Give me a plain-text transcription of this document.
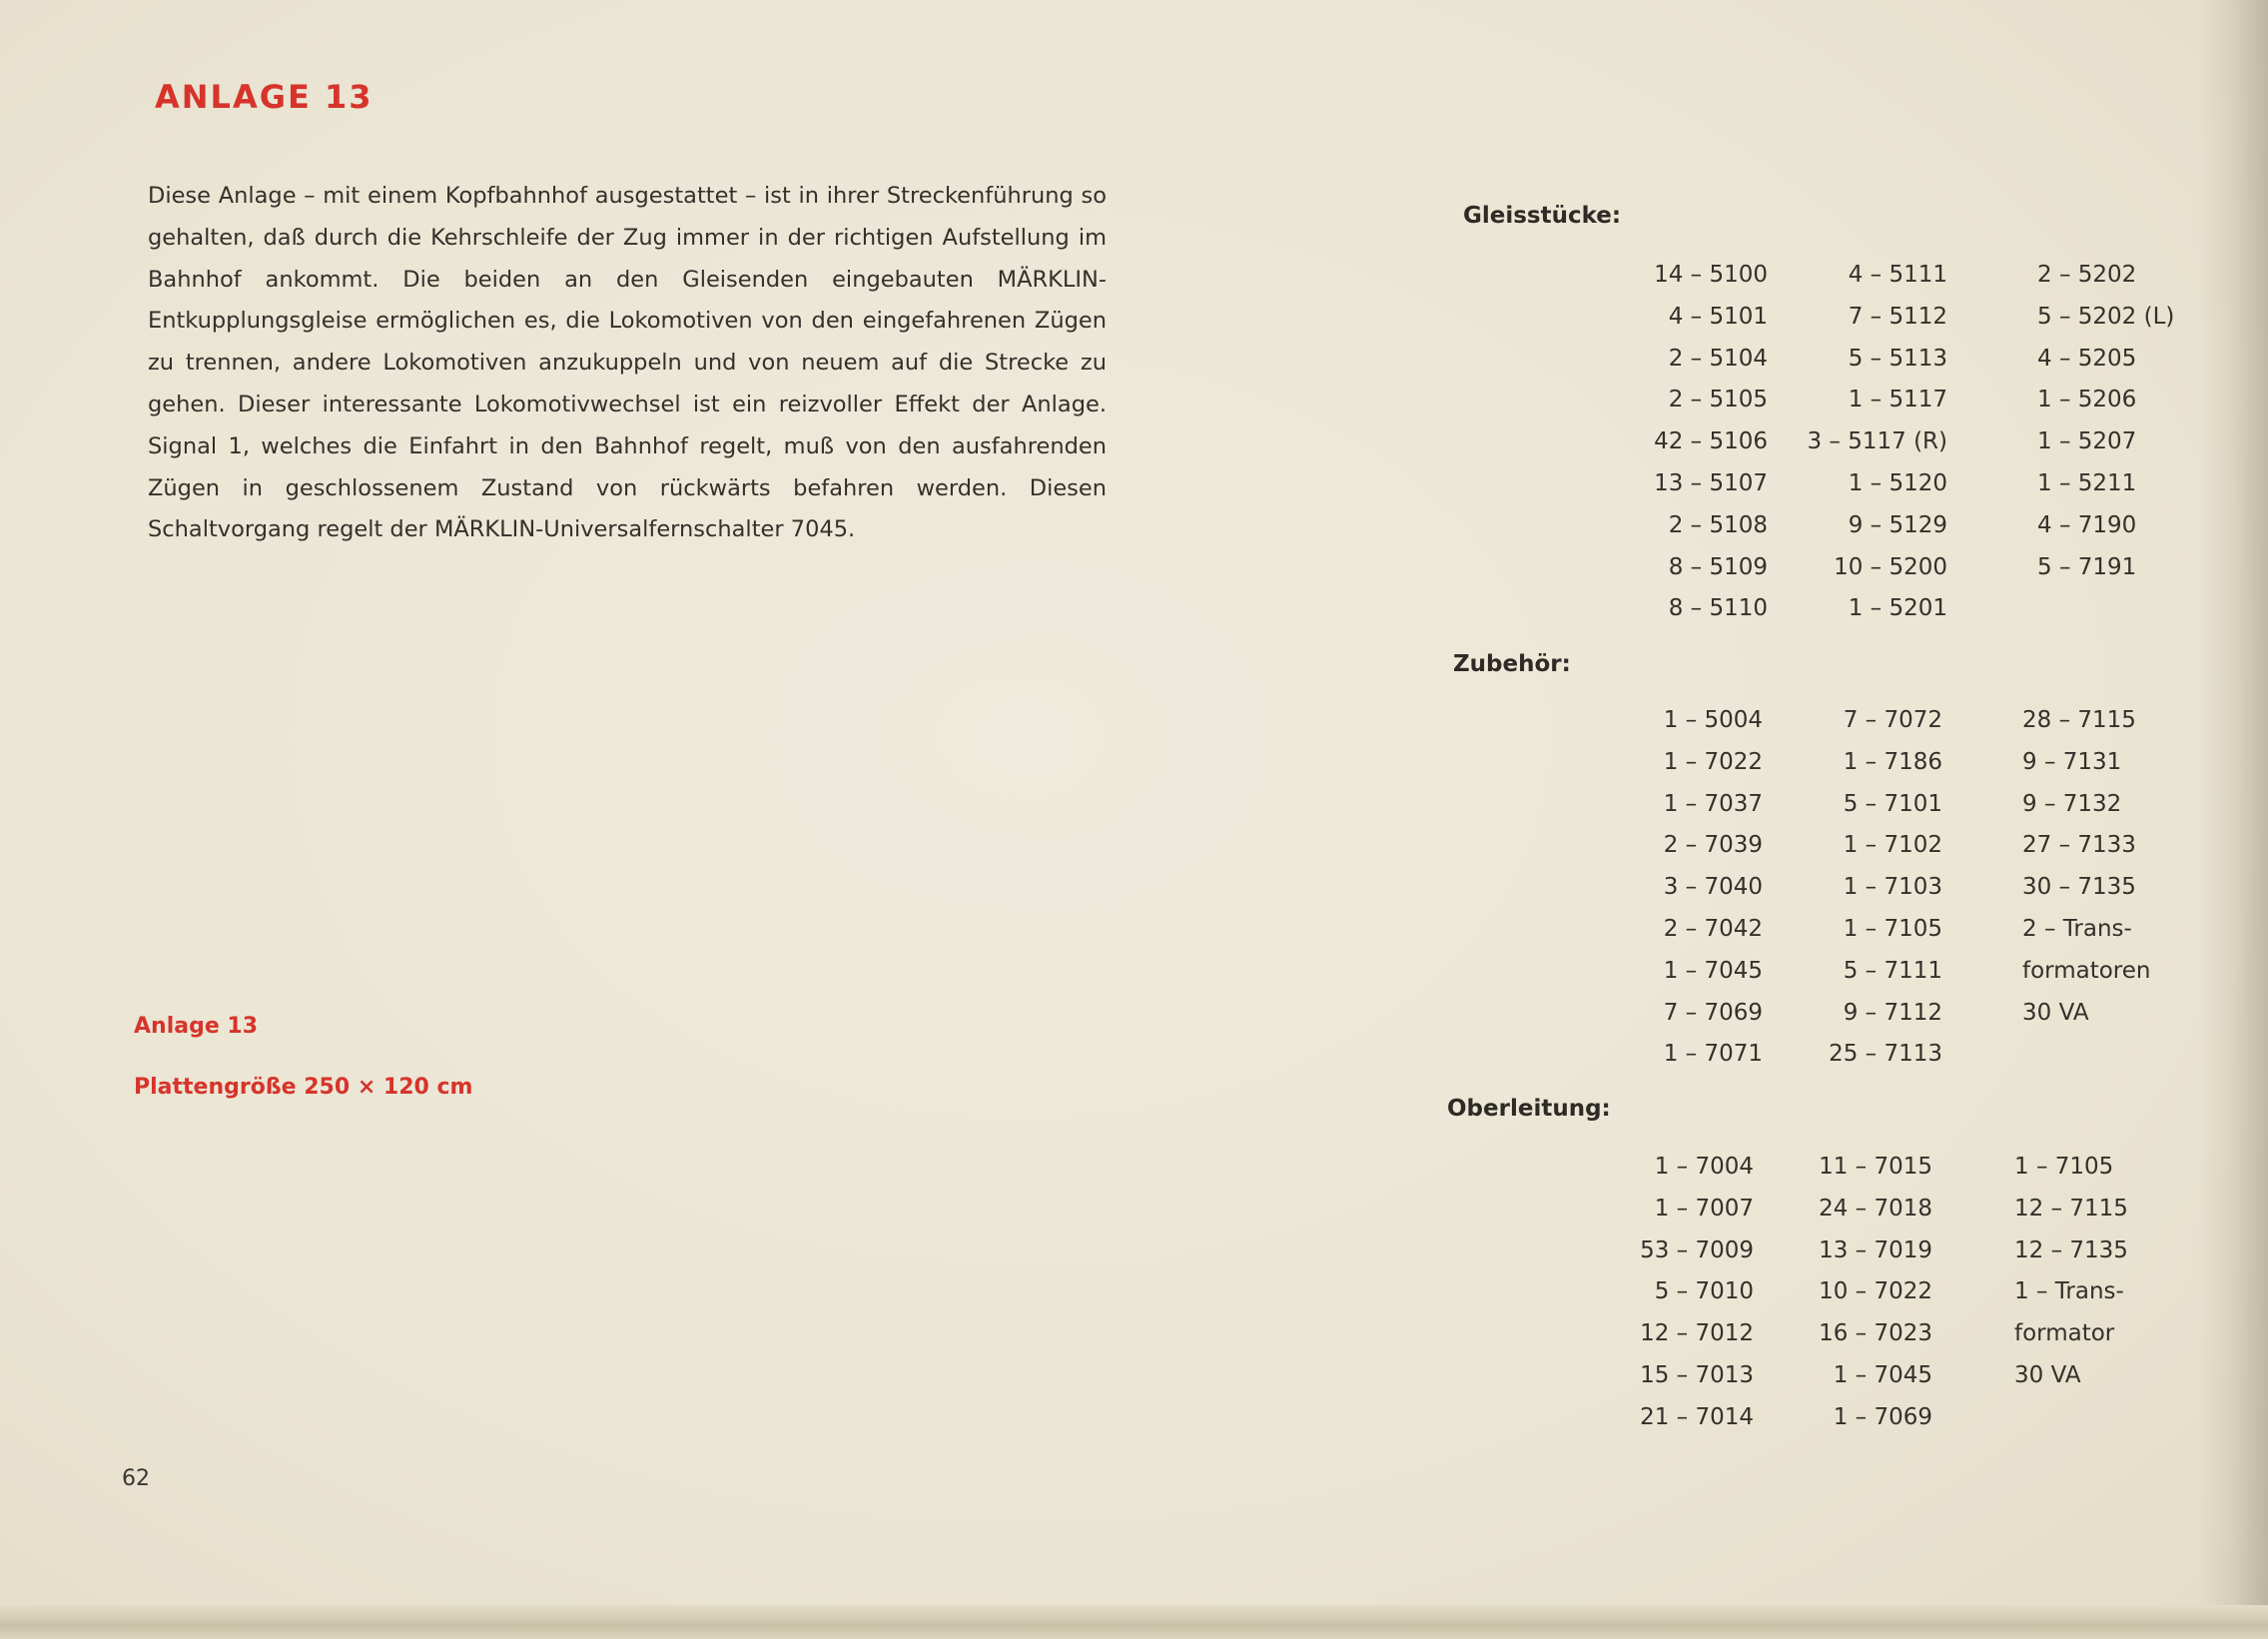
ANLAGE 13

Diese Anlage – mit einem Kopfbahnhof ausgestattet – ist in ihrer Streckenführung so gehalten, daß durch die Kehrschleife der Zug immer in der richtigen Aufstellung im Bahnhof ankommt. Die beiden an den Gleisenden eingebauten MÄRKLIN-Entkupplungsgleise ermöglichen es, die Lokomotiven von den eingefahrenen Zügen zu trennen, andere Lokomotiven anzukuppeln und von neuem auf die Strecke zu gehen. Dieser interessante Lokomotivwechsel ist ein reizvoller Effekt der Anlage. Signal 1, welches die Einfahrt in den Bahnhof regelt, muß von den ausfahrenden Zügen in geschlossenem Zustand von rückwärts befahren werden. Diesen Schaltvorgang regelt der MÄRKLIN-Universalfernschalter 7045.

Anlage 13

Plattengröße 250 × 120 cm

62
Gleisstücke:
Zubehör:
Oberleitung:
14 – 5100
4 – 5101
2 – 5104
2 – 5105
42 – 5106
13 – 5107
2 – 5108
8 – 5109
8 – 5110
4 – 5111
7 – 5112
5 – 5113
1 – 5117
3 – 5117 (R)
1 – 5120
9 – 5129
10 – 5200
1 – 5201
2 – 5202
5 – 5202 (L)
4 – 5205
1 – 5206
1 – 5207
1 – 5211
4 – 7190
5 – 7191
1 – 5004
1 – 7022
1 – 7037
2 – 7039
3 – 7040
2 – 7042
1 – 7045
7 – 7069
1 – 7071
7 – 7072
1 – 7186
5 – 7101
1 – 7102
1 – 7103
1 – 7105
5 – 7111
9 – 7112
25 – 7113
28 – 7115
9 – 7131
9 – 7132
27 – 7133
30 – 7135
2 – Trans-
formatoren
30 VA
1 – 7004
1 – 7007
53 – 7009
5 – 7010
12 – 7012
15 – 7013
21 – 7014
11 – 7015
24 – 7018
13 – 7019
10 – 7022
16 – 7023
1 – 7045
1 – 7069
1 – 7105
12 – 7115
12 – 7135
1 – Trans-
formator
30 VA
